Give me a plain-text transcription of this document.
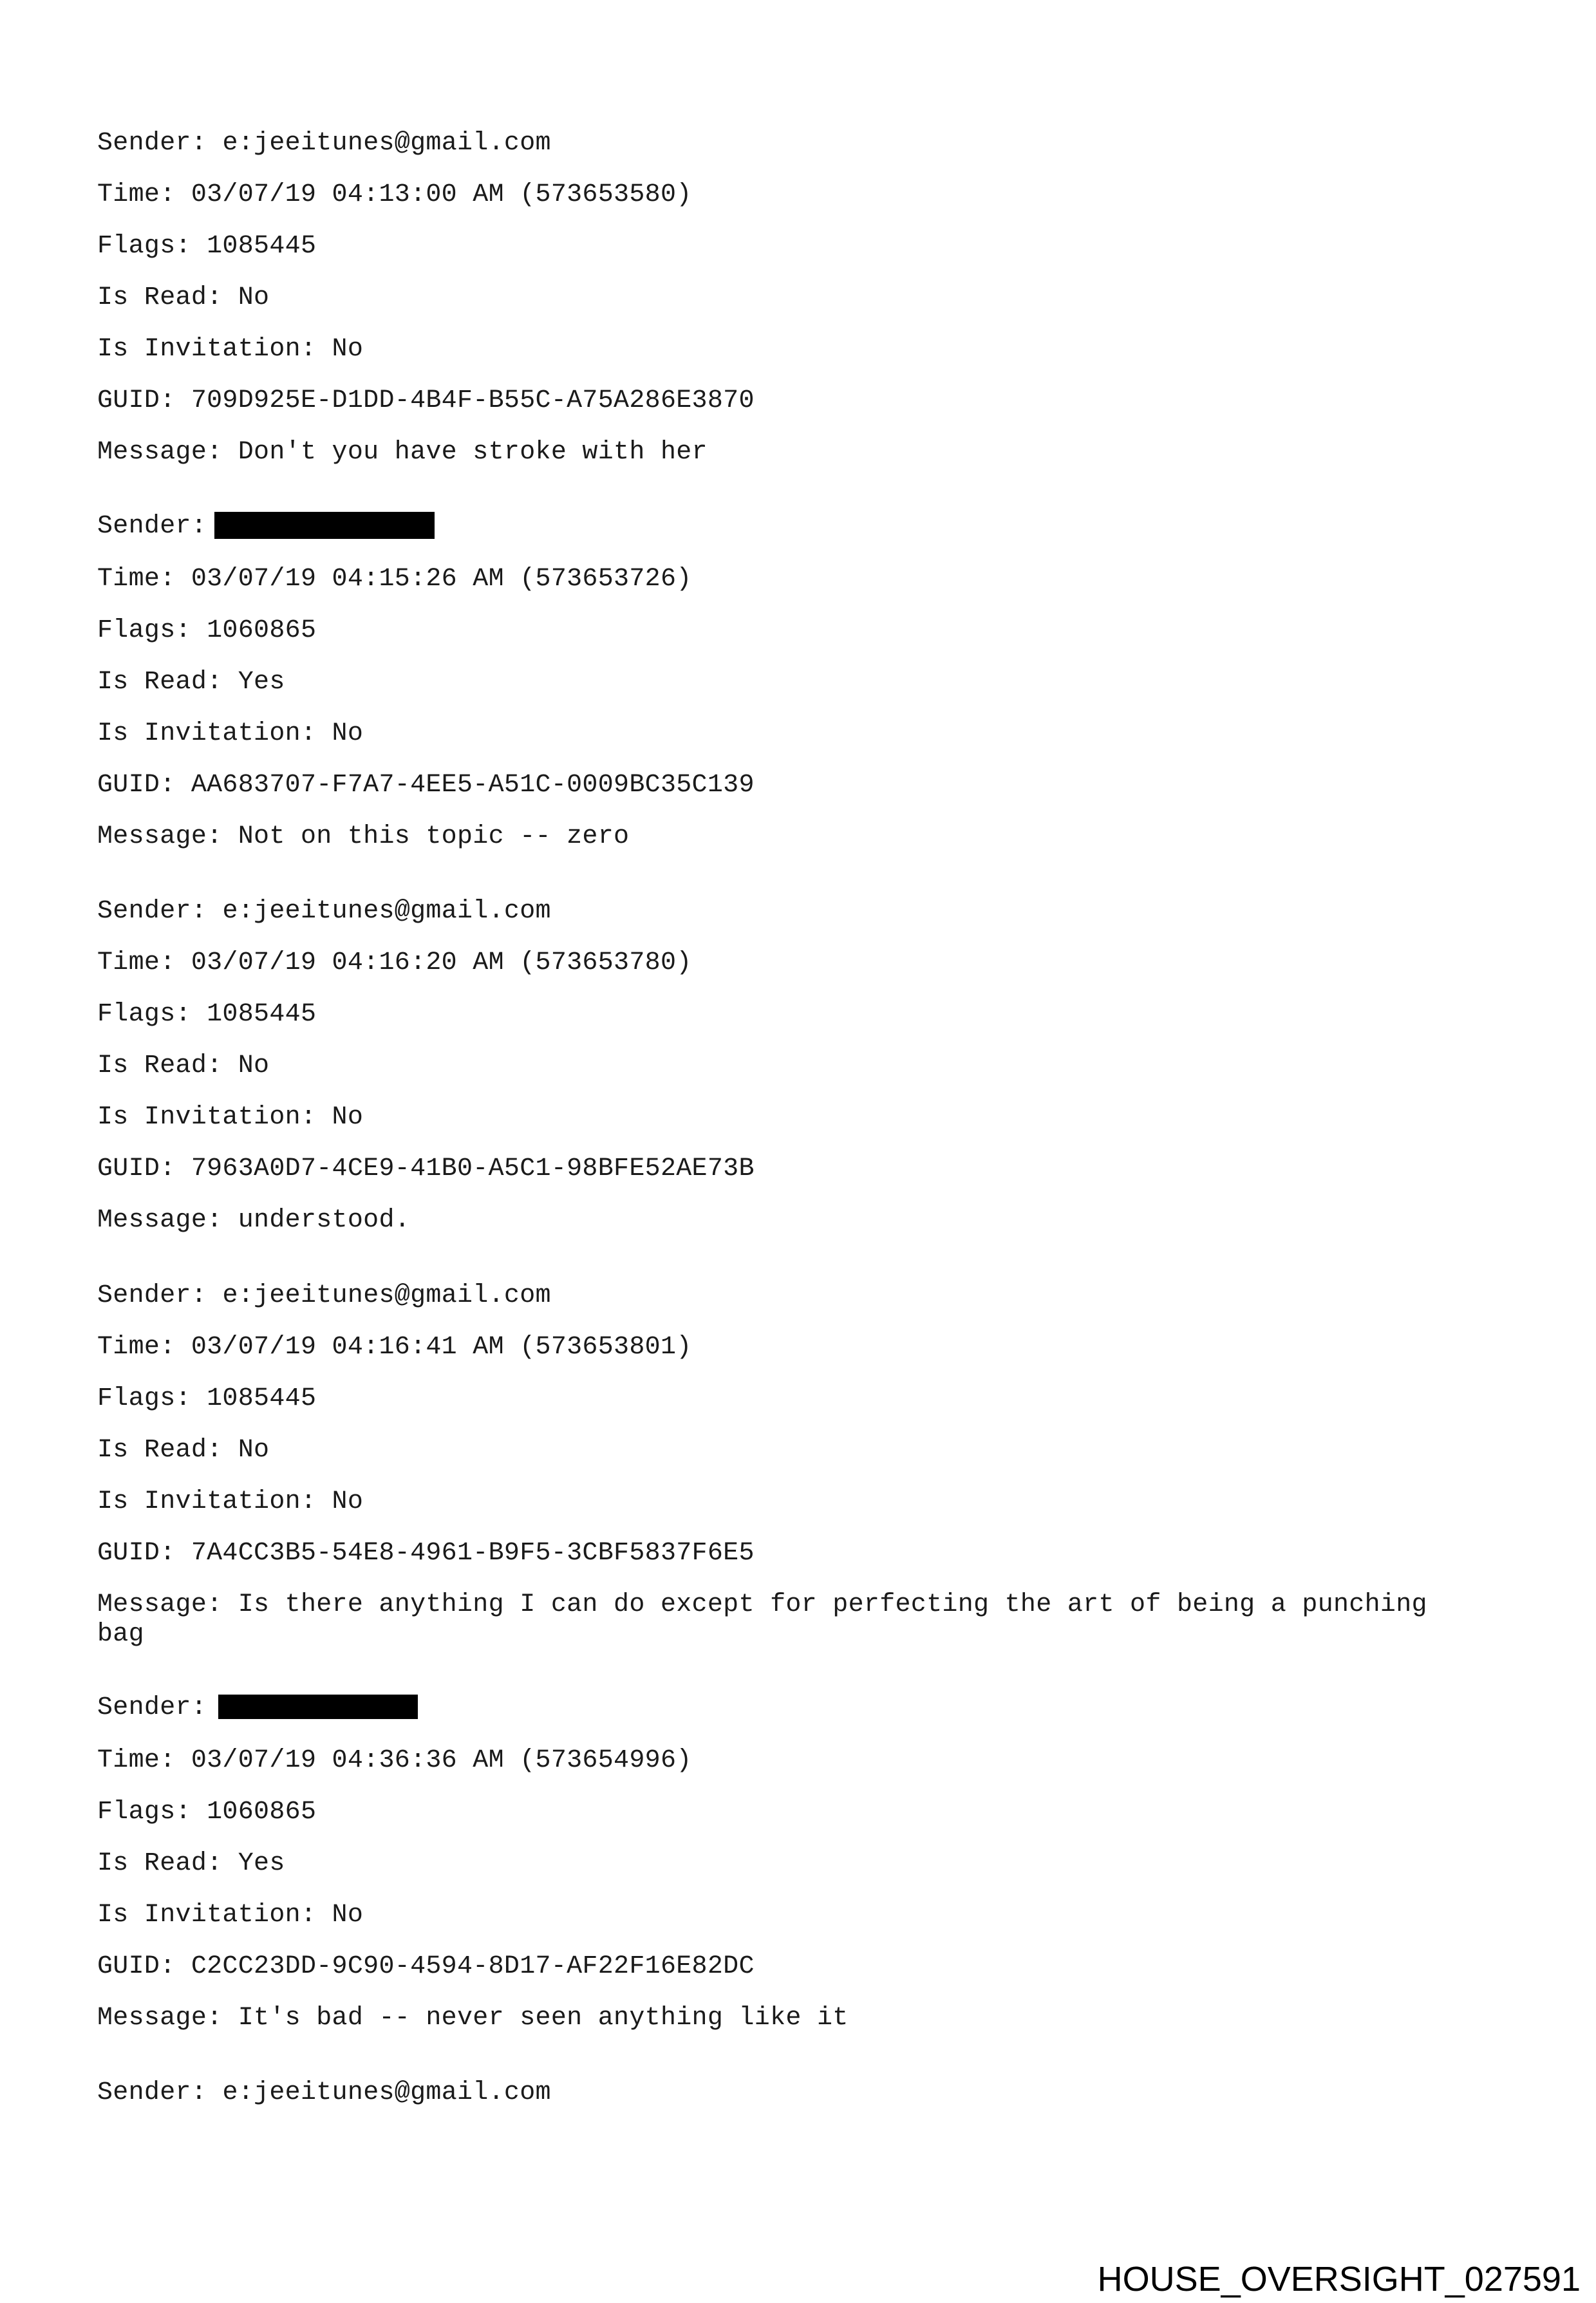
Sender: e:jeeitunes@gmail.com
Time: 03/07/19 04:13:00 AM (573653580)
Flags: 1085445
Is Read: No
Is Invitation: No
GUID: 709D925E-D1DD-4B4F-B55C-A75A286E3870
Message: Don't you have stroke with her
Sender:
Time: 03/07/19 04:15:26 AM (573653726)
Flags: 1060865
Is Read: Yes
Is Invitation: No
GUID: AA683707-F7A7-4EE5-A51C-0009BC35C139
Message: Not on this topic -- zero
Sender: e:jeeitunes@gmail.com
Time: 03/07/19 04:16:20 AM (573653780)
Flags: 1085445
Is Read: No
Is Invitation: No
GUID: 7963A0D7-4CE9-41B0-A5C1-98BFE52AE73B
Message: understood.
Sender: e:jeeitunes@gmail.com
Time: 03/07/19 04:16:41 AM (573653801)
Flags: 1085445
Is Read: No
Is Invitation: No
GUID: 7A4CC3B5-54E8-4961-B9F5-3CBF5837F6E5
Message: Is there anything I can do except for perfecting the art of being a punching bag
Sender:
Time: 03/07/19 04:36:36 AM (573654996)
Flags: 1060865
Is Read: Yes
Is Invitation: No
GUID: C2CC23DD-9C90-4594-8D17-AF22F16E82DC
Message: It's bad -- never seen anything like it
Sender: e:jeeitunes@gmail.com
HOUSE_OVERSIGHT_027591
